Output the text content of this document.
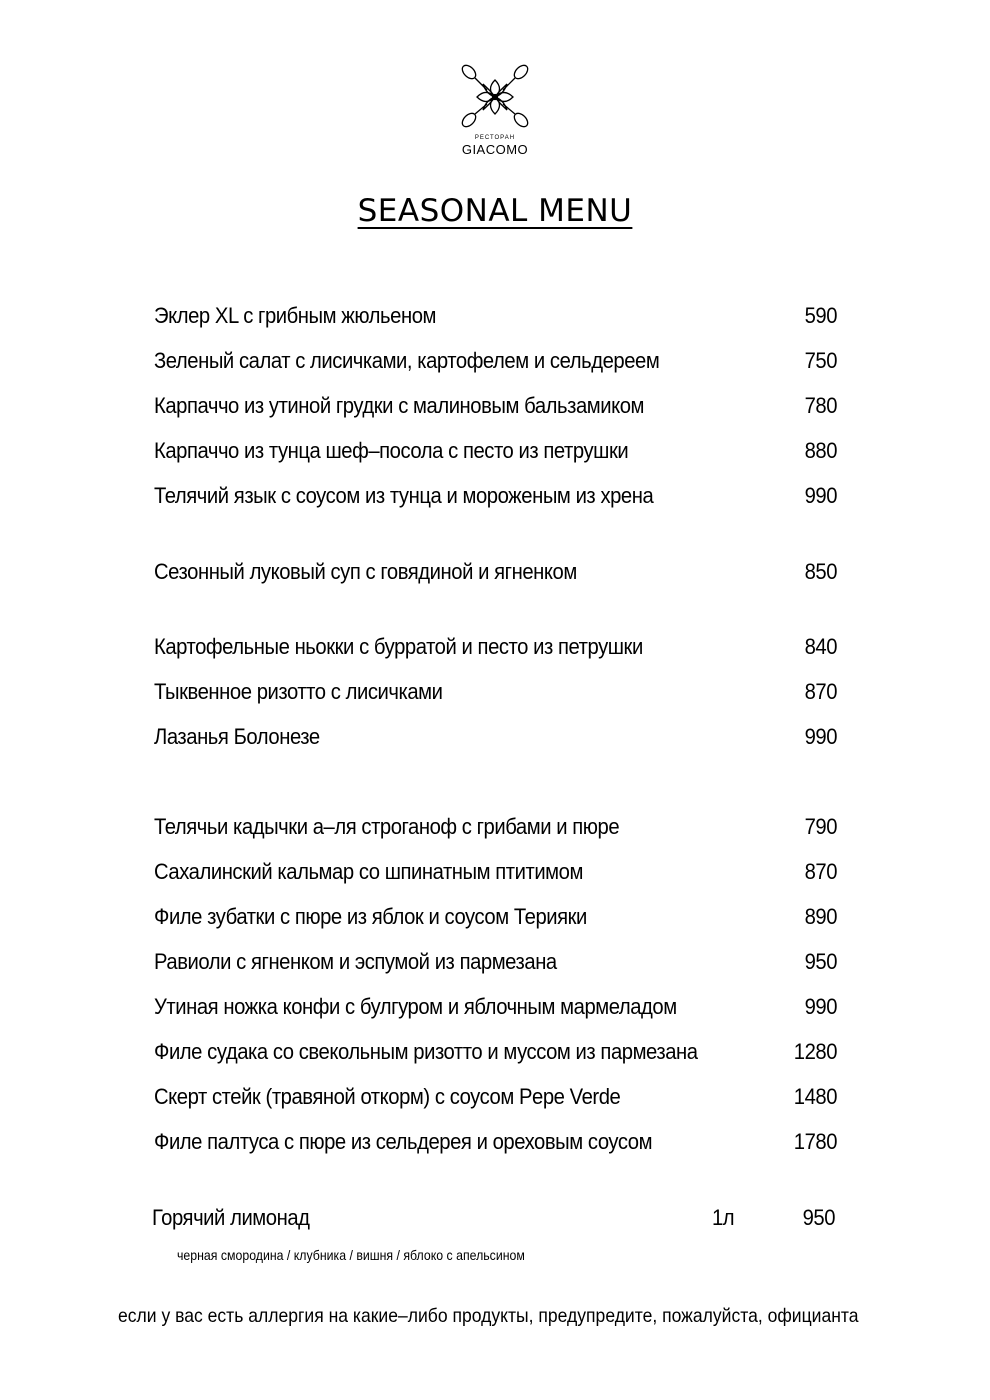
РЕСТОРАН
GIACOMO
SEASONAL MENU
Эклер XL с грибным жюльеном	590
Зеленый салат с лисичками, картофелем и сельдереем	750
Карпаччо из утиной грудки с малиновым бальзамиком	780
Карпаччо из тунца шеф–посола с песто из петрушки	880
Телячий язык с соусом из тунца и мороженым из хрена	990
Сезонный луковый суп с говядиной и ягненком	850
Картофельные ньокки с бурратой и песто из петрушки	840
Тыквенное ризотто с лисичками	870
Лазанья Болонезе	990
Телячьи кадычки а–ля строганоф с грибами и пюре	790
Сахалинский кальмар со шпинатным птитимом	870
Филе зубатки с пюре из яблок и соусом Терияки	890
Равиоли с ягненком и эспумой из пармезана	950
Утиная ножка конфи с булгуром и яблочным мармеладом	990
Филе судака со свекольным ризотто и муссом из пармезана	1280
Скерт стейк (травяной откорм) с соусом Pepe Verde	1480
Филе палтуса с пюре из сельдерея и ореховым соусом	1780
Горячий лимонад	1л	950
черная смородина / клубника / вишня / яблоко с апельсином
если у вас есть аллергия на какие–либо продукты, предупредите, пожалуйста, официанта
